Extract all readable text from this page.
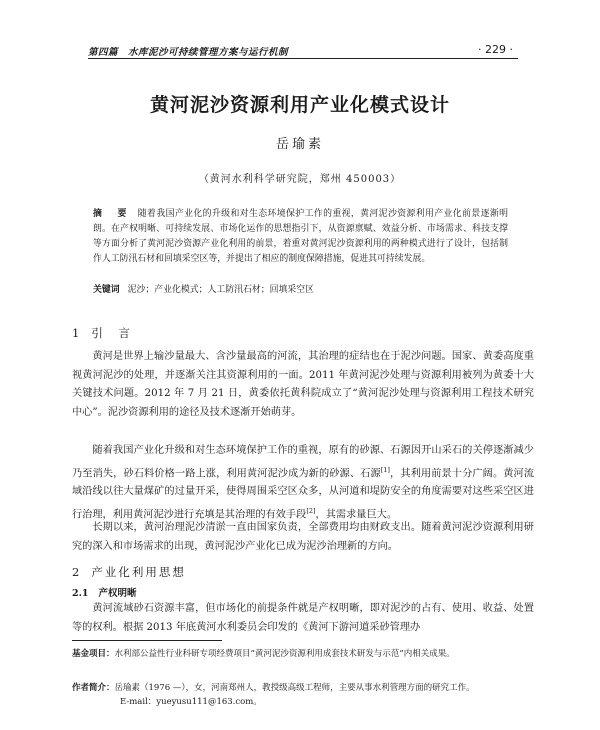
第四篇　水库泥沙可持续管理方案与运行机制	· 229 ·
黄河泥沙资源利用产业化模式设计
岳瑜素
（黄河水利科学研究院，郑州 450003）
摘　要 随着我国产业化的升级和对生态环境保护工作的重视，黄河泥沙资源利用产业化前景逐渐明朗。在产权明晰、可持续发展、市场化运作的思想指引下，从资源禀赋、效益分析、市场需求、科技支撑等方面分析了黄河泥沙资源产业化利用的前景，着重对黄河泥沙资源利用的两种模式进行了设计，包括制作人工防汛石材和回填采空区等，并提出了相应的制度保障措施，促进其可持续发展。
关键词 泥沙；产业化模式；人工防汛石材；回填采空区
1 引　言
黄河是世界上输沙量最大、含沙量最高的河流，其治理的症结也在于泥沙问题。国家、黄委高度重视黄河泥沙的处理，并逐渐关注其资源利用的一面。2011 年黄河泥沙处理与资源利用被列为黄委十大关键技术问题。2012 年 7 月 21 日，黄委依托黄科院成立了“黄河泥沙处理与资源利用工程技术研究中心”。泥沙资源利用的途径及技术逐渐开始萌芽。
随着我国产业化升级和对生态环境保护工作的重视，原有的砂源、石源因开山采石的关停逐渐减少乃至消失，砂石料价格一路上涨，利用黄河泥沙成为新的砂源、石源[1]，其利用前景十分广阔。黄河流域沿线以往大量煤矿的过量开采，使得周围采空区众多，从河道和堤防安全的角度需要对这些采空区进行治理，利用黄河泥沙进行充填是其治理的有效手段[2]，其需求量巨大。
长期以来，黄河治理泥沙清淤一直由国家负责，全部费用均由财政支出。随着黄河泥沙资源利用研究的深入和市场需求的出现，黄河泥沙产业化已成为泥沙治理新的方向。
2 产业化利用思想
2.1 产权明晰
黄河流域砂石资源丰富，但市场化的前提条件就是产权明晰，即对泥沙的占有、使用、收益、处置等的权利。根据 2013 年底黄河水利委员会印发的《黄河下游河道采砂管理办
基金项目：水利部公益性行业科研专项经费项目“黄河泥沙资源利用成套技术研发与示范”内相关成果。
作者简介：岳瑜素（1976 —），女，河南郑州人，教授级高级工程师，主要从事水利管理方面的研究工作。
E-mail：yueyusu111@163.com。
